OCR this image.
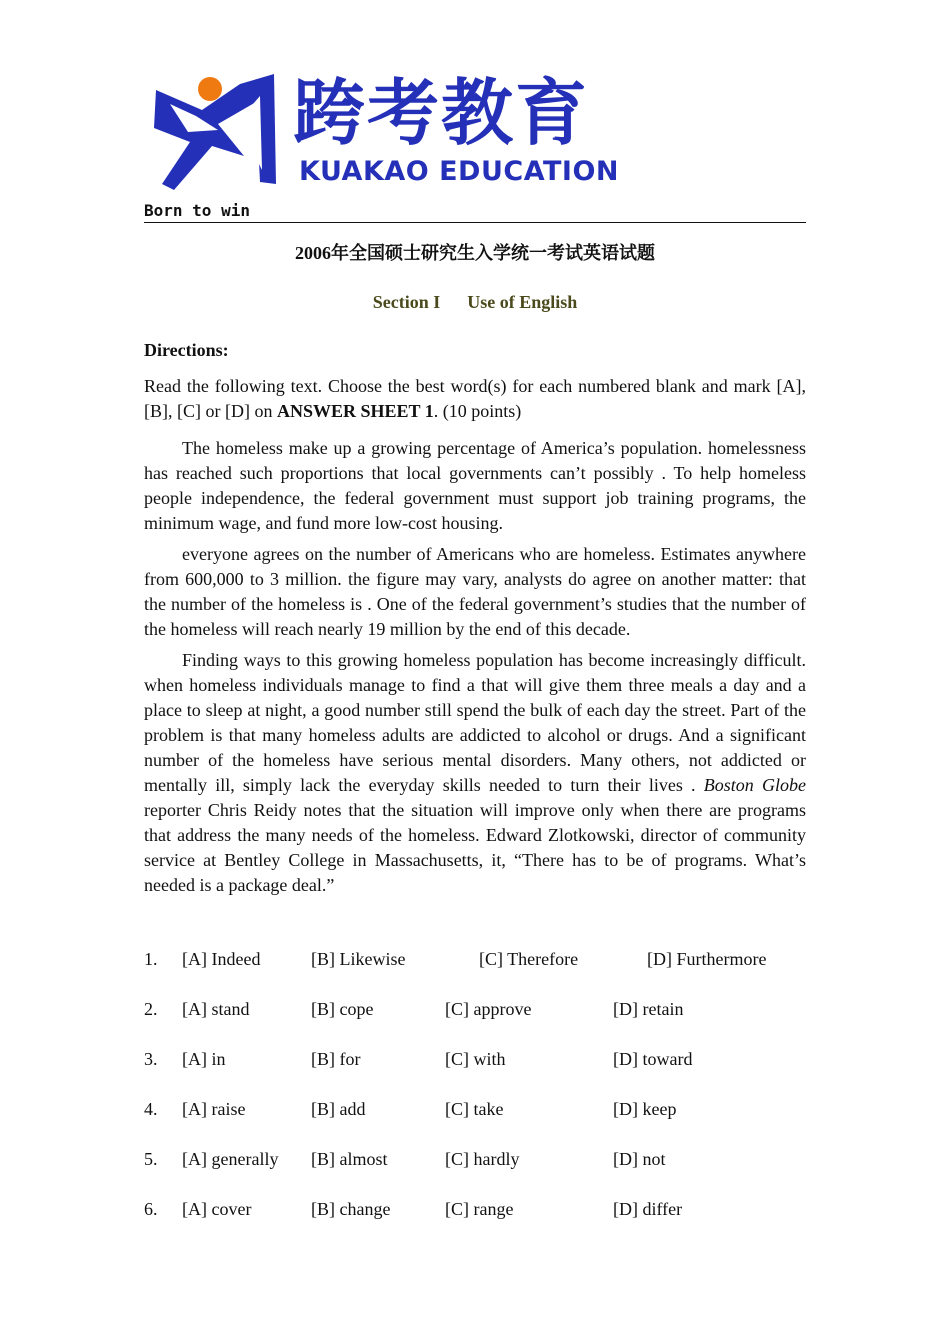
跨考教育
KUAKAO EDUCATION
Born to win
2006年全国硕士研究生入学统一考试英语试题
Section I Use of English
Directions:
Read the following text. Choose the best word(s) for each numbered blank and mark [A], [B], [C] or [D] on ANSWER SHEET 1. (10 points)

The homeless make up a growing percentage of America’s population. homelessness has reached such proportions that local governments can’t possibly . To help homeless people independence, the federal government must support job training programs, the minimum wage, and fund more low-cost housing.

everyone agrees on the number of Americans who are homeless. Estimates anywhere from 600,000 to 3 million. the figure may vary, analysts do agree on another matter: that the number of the homeless is . One of the federal government’s studies that the number of the homeless will reach nearly 19 million by the end of this decade.

Finding ways to this growing homeless population has become increasingly difficult. when homeless individuals manage to find a that will give them three meals a day and a place to sleep at night, a good number still spend the bulk of each day the street. Part of the problem is that many homeless adults are addicted to alcohol or drugs. And a significant number of the homeless have serious mental disorders. Many others, not addicted or mentally ill, simply lack the everyday skills needed to turn their lives . Boston Globe reporter Chris Reidy notes that the situation will improve only when there are programs that address the many needs of the homeless. Edward Zlotkowski, director of community service at Bentley College in Massachusetts, it, “There has to be of programs. What’s needed is a package deal.”

1. [A] Indeed	[B] Likewise	[C] Therefore	[D] Furthermore
2. [A] stand	[B] cope	[C] approve	[D] retain
3. [A] in	[B] for	[C] with	[D] toward
4. [A] raise	[B] add	[C] take	[D] keep
5. [A] generally [B] almost	[C] hardly	[D] not
6. [A] cover	[B] change	[C] range	[D] differ
